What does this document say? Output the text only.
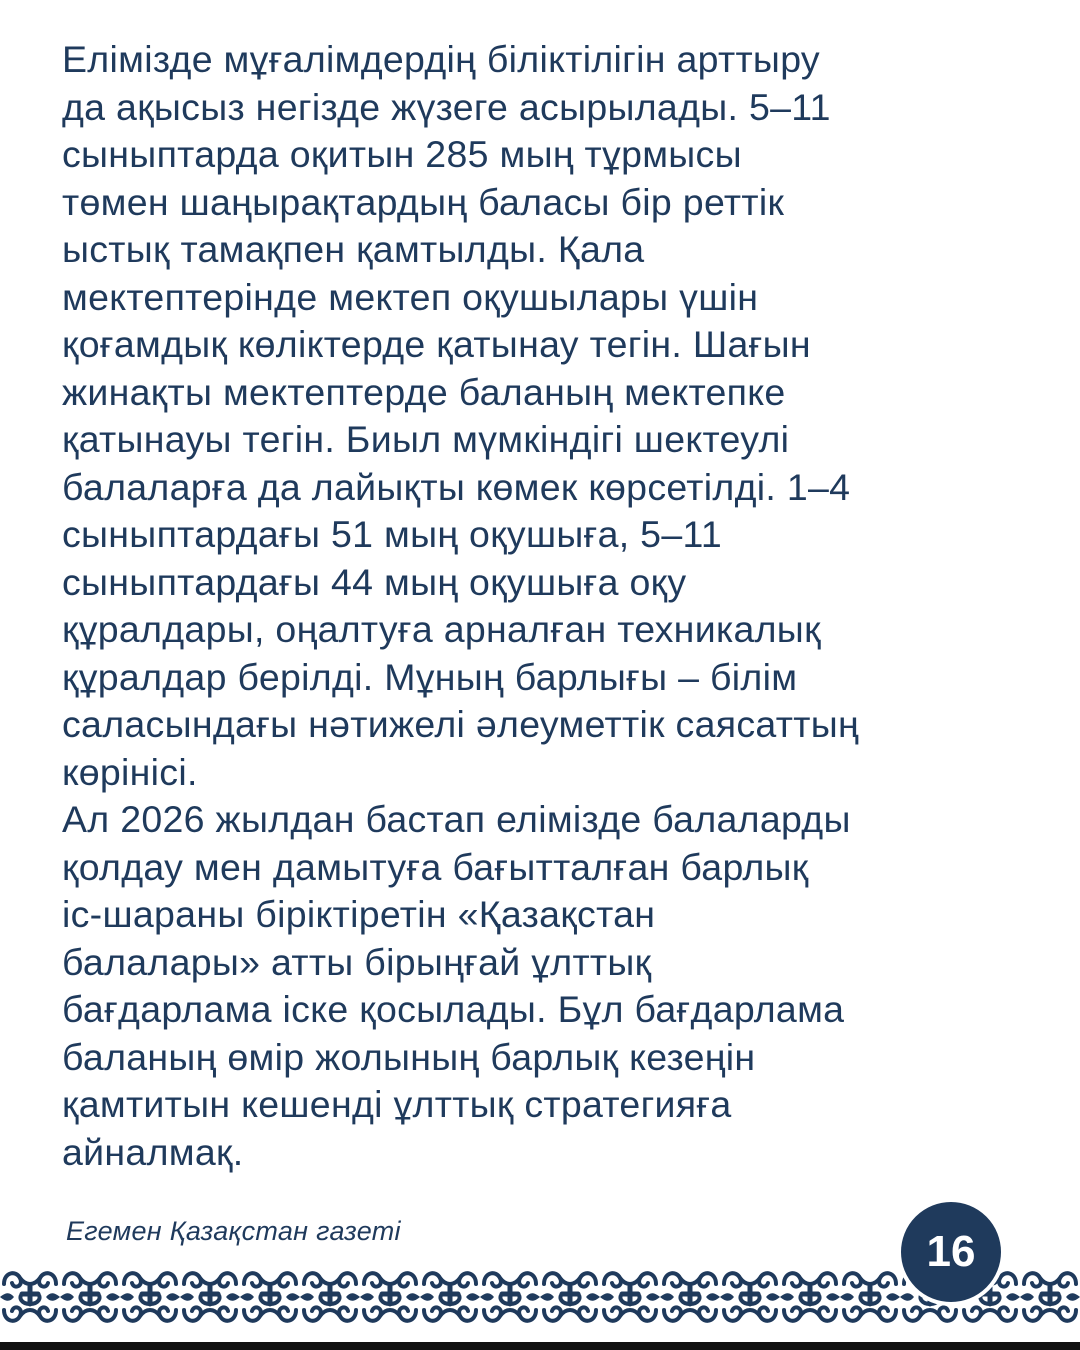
Елімізде мұғалімдердің біліктілігін арттыру
да ақысыз негізде жүзеге асырылады. 5–11
сыныптарда оқитын 285 мың тұрмысы
төмен шаңырақтардың баласы бір реттік
ыстық тамақпен қамтылды. Қала
мектептерінде мектеп оқушылары үшін
қоғамдық көліктерде қатынау тегін. Шағын
жинақты мектептерде баланың мектепке
қатынауы тегін. Биыл мүмкіндігі шектеулі
балаларға да лайықты көмек көрсетілді. 1–4
сыныптардағы 51 мың оқушыға, 5–11
сыныптардағы 44 мың оқушыға оқу
құралдары, оңалтуға арналған техникалық
құралдар берілді. Мұның барлығы – білім
саласындағы нәтижелі әлеуметтік саясаттың
көрінісі.
Ал 2026 жылдан бастап елімізде балаларды
қолдау мен дамытуға бағытталған барлық
іс-шараны біріктіретін «Қазақстан
балалары» атты бірыңғай ұлттық
бағдарлама іске қосылады. Бұл бағдарлама
баланың өмір жолының барлық кезеңін
қамтитын кешенді ұлттық стратегияға
айналмақ.
Егемен Қазақстан газеті	16
